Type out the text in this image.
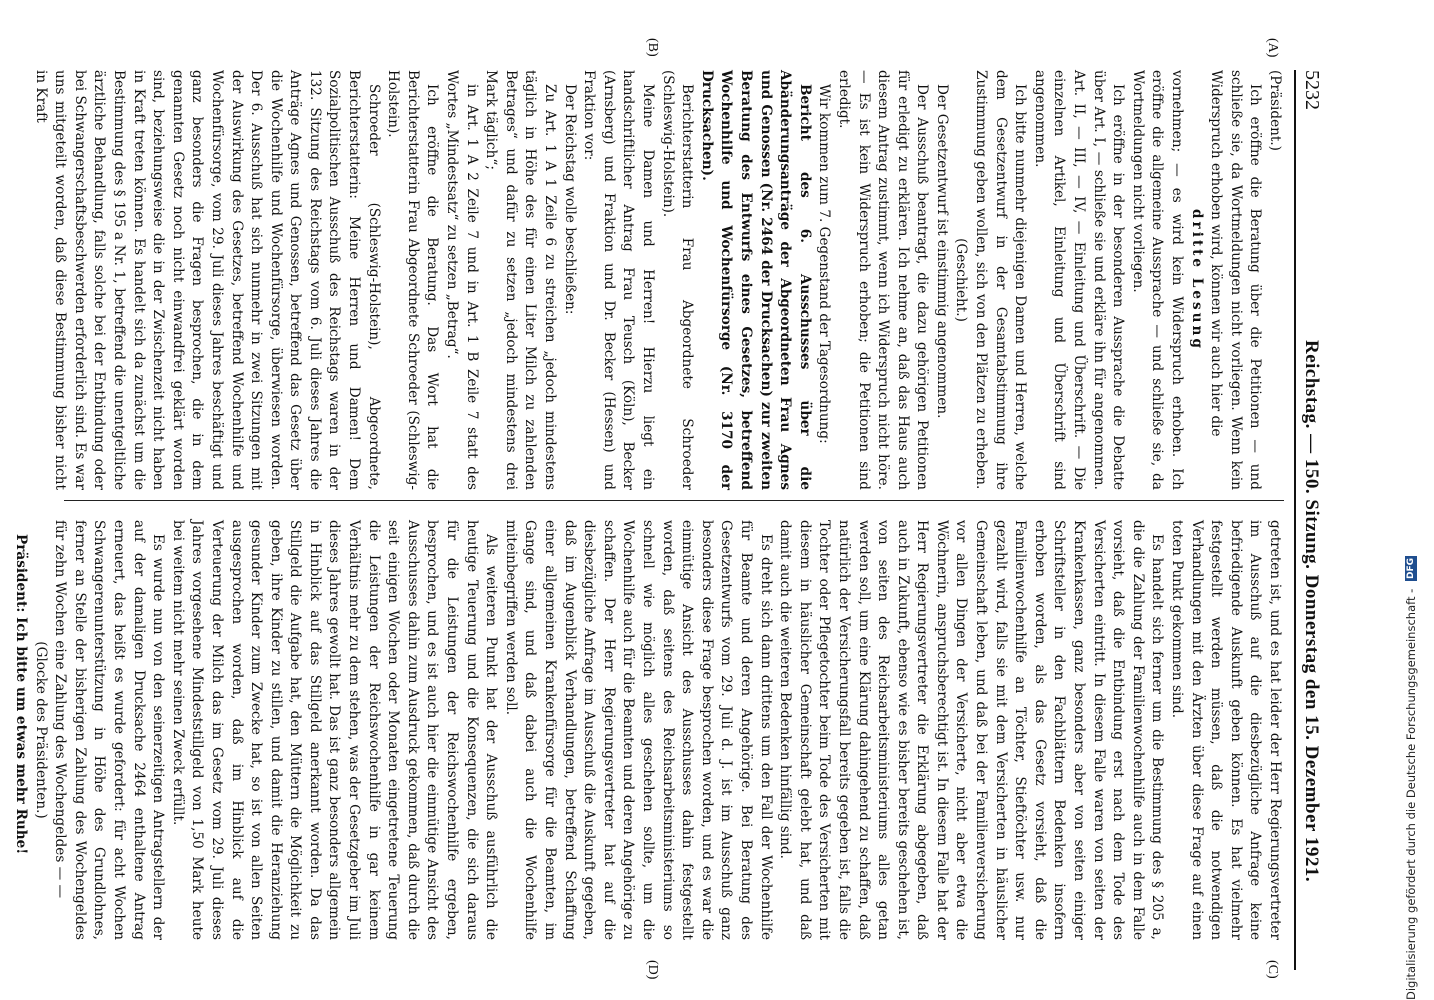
5232
Reichstag. — 150. Sitzung. Donnerstag den 15. Dezember 1921.
(A)
(B)
(C)
(D)

(Präsident.)

Ich eröffne die Beratung über die Petitionen — und schließe sie, da Wortmeldungen nicht vorliegen. Wenn kein Widerspruch erhoben wird, können wir auch hier die

dritte Lesung

vornehmen; — es wird kein Widerspruch erhoben. Ich eröffne die allgemeine Aussprache — und schließe sie, da Wortmeldungen nicht vorliegen.

Ich eröffne in der besonderen Aussprache die Debatte über Art. I, — schließe sie und erkläre ihn für angenommen. Art. II, — III, — IV, — Einleitung und Überschrift. — Die einzelnen Artikel, Einleitung und Überschrift sind angenommen.

Ich bitte nunmehr diejenigen Damen und Herren, welche dem Gesetzentwurf in der Gesamtabstimmung ihre Zustimmung geben wollen, sich von den Plätzen zu erheben.

(Geschieht.)

Der Gesetzentwurf ist einstimmig angenommen.

Der Ausschuß beantragt, die dazu gehörigen Petitionen für erledigt zu erklären. Ich nehme an, daß das Haus auch diesem Antrag zustimmt, wenn ich Widerspruch nicht höre. — Es ist kein Widerspruch erhoben; die Petitionen sind erledigt.

Wir kommen zum 7. Gegenstand der Tagesordnung:

Bericht des 6. Ausschusses über die Abänderungsanträge der Abgeordneten Frau Agnes und Genossen (Nr. 2464 der Drucksachen) zur zweiten Beratung des Entwurfs eines Gesetzes, betreffend Wochenhilfe und Wochenfürsorge (Nr. 3170 der Drucksachen).

Berichterstatterin Frau Abgeordnete Schroeder (Schleswig-Holstein).

Meine Damen und Herren! Hierzu liegt ein handschriftlicher Antrag Frau Teusch (Köln), Becker (Arnsberg) und Fraktion und Dr. Becker (Hessen) und Fraktion vor:

Der Reichstag wolle beschließen:

Zu Art. 1 A 1 Zeile 6 zu streichen „jedoch mindestens täglich in Höhe des für einen Liter Milch zu zahlenden Betrages“ und dafür zu setzen „jedoch mindestens drei Mark täglich“;

in Art. 1 A 2 Zeile 7 und in Art. 1 B Zeile 7 statt des Wortes „Mindestsatz“ zu setzen „Betrag“.

Ich eröffne die Beratung. Das Wort hat die Berichterstatterin Frau Abgeordnete Schroeder (Schleswig-Holstein).

Schroeder (Schleswig-Holstein), Abgeordnete, Berichterstatterin: Meine Herren und Damen! Dem Sozialpolitischen Ausschuß des Reichstags waren in der 132. Sitzung des Reichstags vom 6. Juli dieses Jahres die Anträge Agnes und Genossen, betreffend das Gesetz über die Wochenhilfe und Wochenfürsorge, überwiesen worden. Der 6. Ausschuß hat sich nunmehr in zwei Sitzungen mit der Auswirkung des Gesetzes, betreffend Wochenhilfe und Wochenfürsorge, vom 29. Juli dieses Jahres beschäftigt und ganz besonders die Fragen besprochen, die in dem genannten Gesetz noch nicht einwandfrei geklärt worden sind, beziehungsweise die in der Zwischenzeit nicht haben in Kraft treten können. Es handelt sich da zunächst um die Bestimmung des § 195 a Nr. 1, betreffend die unentgeltliche ärztliche Behandlung, falls solche bei der Entbindung oder bei Schwangerschaftsbeschwerden erforderlich sind. Es war uns mitgeteilt worden, daß diese Bestimmung bisher nicht in Kraft

getreten ist, und es hat leider der Herr Regierungsvertreter im Ausschuß auf die diesbezügliche Anfrage keine befriedigende Auskunft geben können. Es hat vielmehr festgestellt werden müssen, daß die notwendigen Verhandlungen mit den Ärzten über diese Frage auf einen toten Punkt gekommen sind.

Es handelt sich ferner um die Bestimmung des § 205 a, die die Zahlung der Familienwochenhilfe auch in dem Falle vorsieht, daß die Entbindung erst nach dem Tode des Versicherten eintritt. In diesem Falle waren von seiten der Krankenkassen, ganz besonders aber von seiten einiger Schriftsteller in den Fachblättern Bedenken insofern erhoben worden, als das Gesetz vorsieht, daß die Familienwochenhilfe an Töchter, Stieftöchter usw. nur gezahlt wird, falls sie mit dem Versicherten in häuslicher Gemeinschaft leben, und daß bei der Familienversicherung vor allen Dingen der Versicherte, nicht aber etwa die Wöchnerin, anspruchsberechtigt ist. In diesem Falle hat der Herr Regierungsvertreter die Erklärung abgegeben, daß auch in Zukunft, ebenso wie es bisher bereits geschehen ist, von seiten des Reichsarbeitsministeriums alles getan werden soll, um eine Klärung dahingehend zu schaffen, daß natürlich der Versicherungsfall bereits gegeben ist, falls die Tochter oder Pflegetochter beim Tode des Versicherten mit diesem in häuslicher Gemeinschaft gelebt hat, und daß damit auch die weiteren Bedenken hinfällig sind.

Es dreht sich dann drittens um den Fall der Wochenhilfe für Beamte und deren Angehörige. Bei Beratung des Gesetzentwurfs vom 29. Juli d. J. ist im Ausschuß ganz besonders diese Frage besprochen worden, und es war die einmütige Ansicht des Ausschusses dahin festgestellt worden, daß seitens des Reichsarbeitsministeriums so schnell wie möglich alles geschehen sollte, um die Wochenhilfe auch für die Beamten und deren Angehörige zu schaffen. Der Herr Regierungsvertreter hat auf die diesbezügliche Anfrage im Ausschuß die Auskunft gegeben, daß im Augenblick Verhandlungen, betreffend Schaffung einer allgemeinen Krankenfürsorge für die Beamten, im Gange sind, und daß dabei auch die Wochenhilfe miteinbegriffen werden soll.

Als weiteren Punkt hat der Ausschuß ausführlich die heutige Teuerung und die Konsequenzen, die sich daraus für die Leistungen der Reichswochenhilfe ergeben, besprochen, und es ist auch hier die einmütige Ansicht des Ausschusses dahin zum Ausdruck gekommen, daß durch die seit einigen Wochen oder Monaten eingetretene Teuerung die Leistungen der Reichswochenhilfe in gar keinem Verhältnis mehr zu dem stehen, was der Gesetzgeber im Juli dieses Jahres gewollt hat. Das ist ganz besonders allgemein in Hinblick auf das Stillgeld anerkannt worden. Da das Stillgeld die Aufgabe hat, den Müttern die Möglichkeit zu geben, ihre Kinder zu stillen, und damit die Heranziehung gesunder Kinder zum Zwecke hat, so ist von allen Seiten ausgesprochen worden, daß im Hinblick auf die Verteuerung der Milch das im Gesetz vom 29. Juli dieses Jahres vorgesehene Mindeststillgeld von 1,50 Mark heute bei weitem nicht mehr seinen Zweck erfüllt.

Es wurde nun von den seinerzeitigen Antragstellern der auf der damaligen Drucksache 2464 enthaltene Antrag erneuert, das heißt es wurde gefordert: für acht Wochen Schwangerenunterstützung in Höhe des Grundlohnes, ferner an Stelle der bisherigen Zahlung des Wochengeldes für zehn Wochen eine Zahlung des Wochengeldes — —

(Glocke des Präsidenten.)

Präsident: Ich bitte um etwas mehr Ruhe!	Digitalisierung gefördert durch die Deutsche Forschungsgemeinschaft - DFG
